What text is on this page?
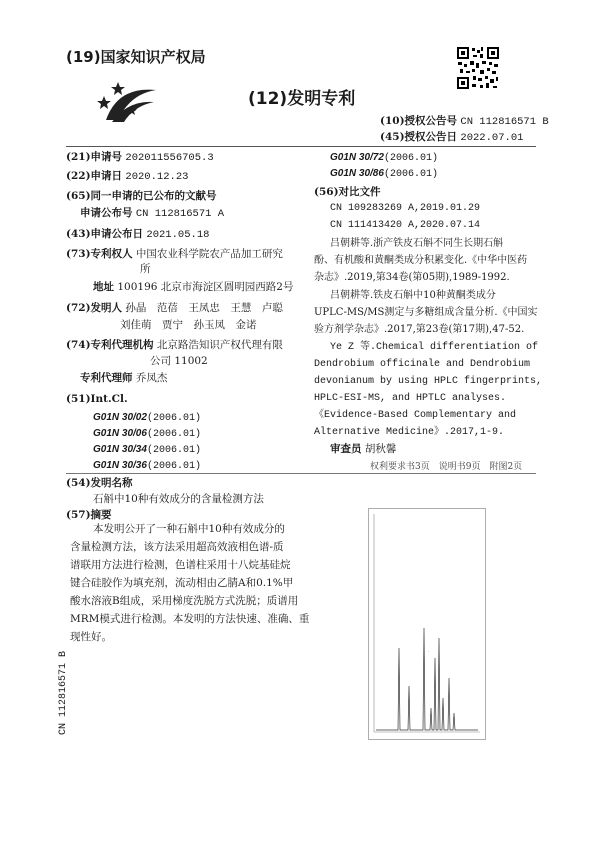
(19)国家知识产权局
(12)发明专利
(10)授权公告号 CN 112816571 B
(45)授权公告日 2022.07.01
(21)申请号 202011556705.3
(22)申请日 2020.12.23
(65)同一申请的已公布的文献号
申请公布号 CN 112816571 A
(43)申请公布日 2021.05.18
(73)专利权人 中国农业科学院农产品加工研究
所
地址 100196 北京市海淀区圆明园西路2号
(72)发明人 孙晶　范蓓　王凤忠　王慧　卢聪
刘佳萌　贾宁　孙玉凤　金诺
(74)专利代理机构 北京路浩知识产权代理有限
公司 11002
专利代理师 乔凤杰
(51)Int.Cl.
G01N 30/02(2006.01)
G01N 30/06(2006.01)
G01N 30/34(2006.01)
G01N 30/36(2006.01)
G01N 30/72(2006.01)
G01N 30/86(2006.01)
(56)对比文件
CN 109283269 A,2019.01.29
CN 111413420 A,2020.07.14
吕朝耕等.浙产铁皮石斛不同生长期石斛
酚、有机酸和黄酮类成分积累变化.《中华中医药
杂志》.2019,第34卷(第05期),1989-1992.
吕朝耕等.铁皮石斛中10种黄酮类成分
UPLC-MS/MS测定与多糖组成含量分析.《中国实
验方剂学杂志》.2017,第23卷(第17期),47-52.
Ye Z 等.Chemical differentiation of
Dendrobium officinale and Dendrobium
devonianum by using HPLC fingerprints,
HPLC-ESI-MS, and HPTLC analyses.
《Evidence-Based Complementary and
Alternative Medicine》.2017,1-9.
审查员 胡秋馨
权利要求书3页　说明书9页　附图2页
(54)发明名称
石斛中10种有效成分的含量检测方法
(57)摘要
本发明公开了一种石斛中10种有效成分的
含量检测方法，该方法采用超高效液相色谱-质
谱联用方法进行检测，色谱柱采用十八烷基硅烷
键合硅胶作为填充剂，流动相由乙腈A和0.1%甲
酸水溶液B组成，采用梯度洗脱方式洗脱；质谱用
MRM模式进行检测。本发明的方法快速、准确、重
现性好。
·
CN 112816571 B
